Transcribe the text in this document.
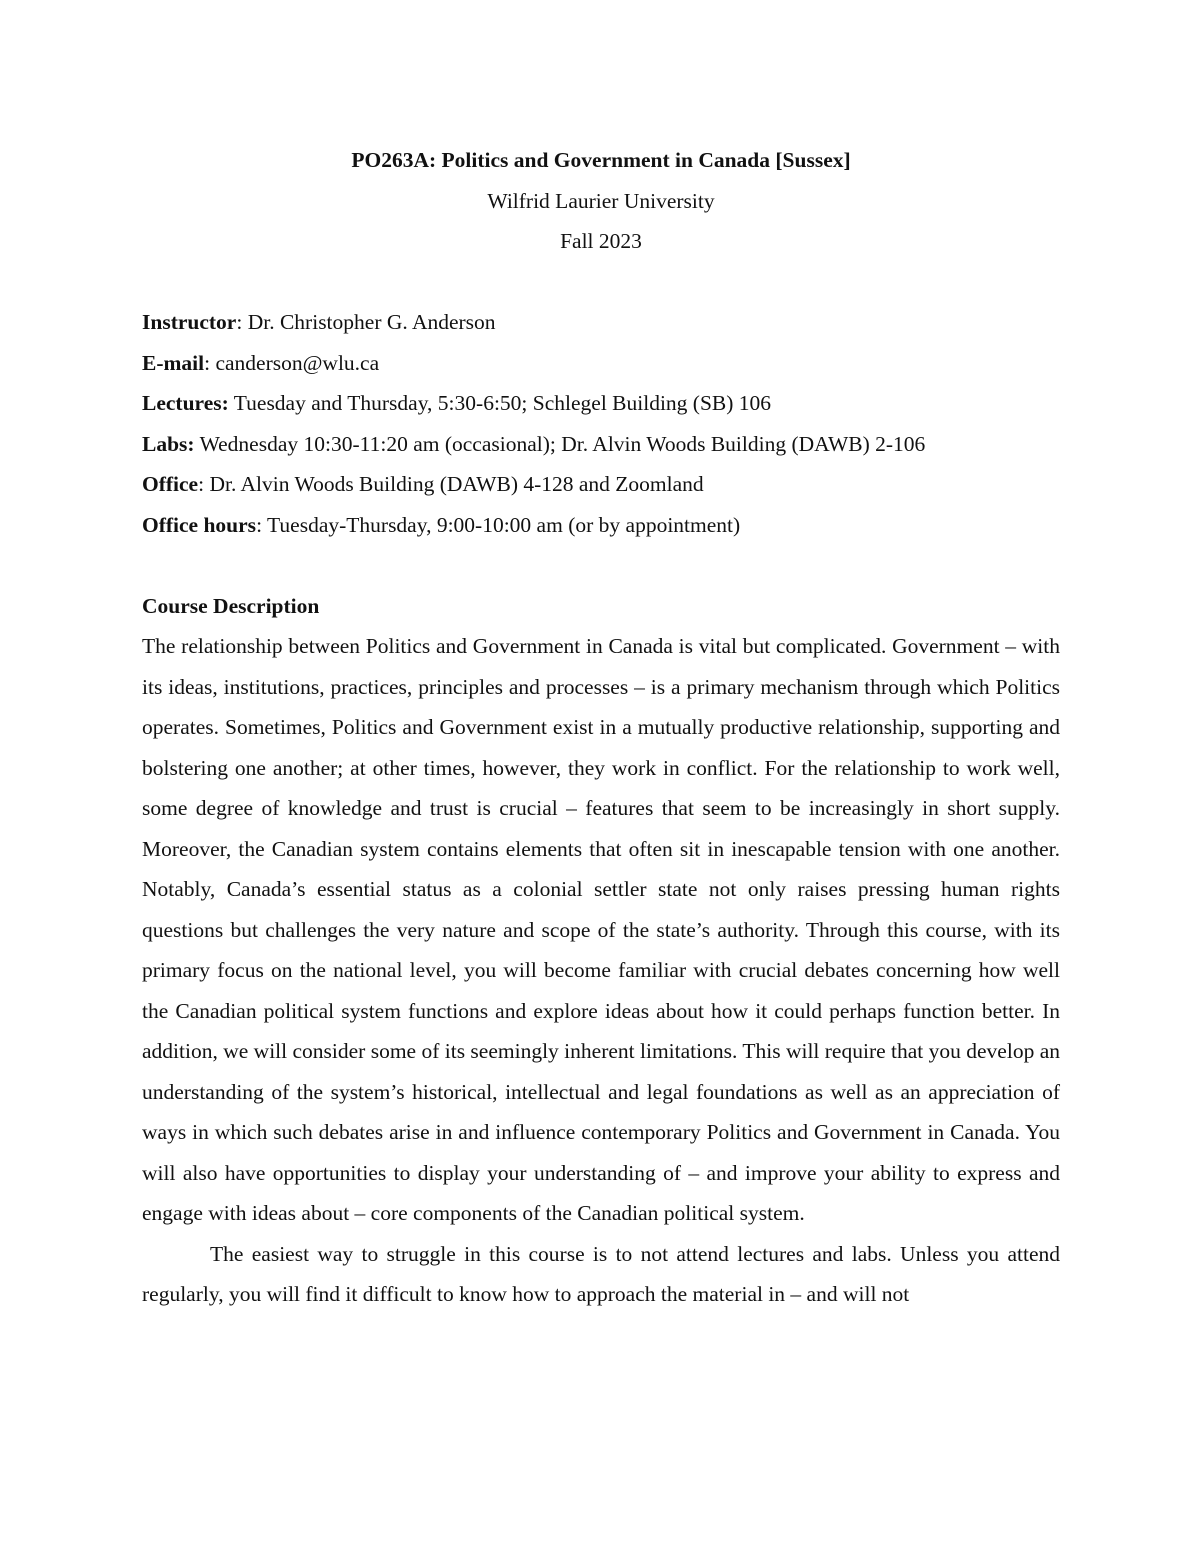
PO263A: Politics and Government in Canada [Sussex]
Wilfrid Laurier University
Fall 2023
Instructor: Dr. Christopher G. Anderson
E-mail: canderson@wlu.ca
Lectures: Tuesday and Thursday, 5:30-6:50; Schlegel Building (SB) 106
Labs: Wednesday 10:30-11:20 am (occasional); Dr. Alvin Woods Building (DAWB) 2-106
Office: Dr. Alvin Woods Building (DAWB) 4-128 and Zoomland
Office hours: Tuesday-Thursday, 9:00-10:00 am (or by appointment)
Course Description

The relationship between Politics and Government in Canada is vital but complicated. Government – with its ideas, institutions, practices, principles and processes – is a primary mechanism through which Politics operates. Sometimes, Politics and Government exist in a mutually productive relationship, supporting and bolstering one another; at other times, however, they work in conflict. For the relationship to work well, some degree of knowledge and trust is crucial – features that seem to be increasingly in short supply. Moreover, the Canadian system contains elements that often sit in inescapable tension with one another. Notably, Canada’s essential status as a colonial settler state not only raises pressing human rights questions but challenges the very nature and scope of the state’s authority. Through this course, with its primary focus on the national level, you will become familiar with crucial debates concerning how well the Canadian political system functions and explore ideas about how it could perhaps function better. In addition, we will consider some of its seemingly inherent limitations. This will require that you develop an understanding of the system’s historical, intellectual and legal foundations as well as an appreciation of ways in which such debates arise in and influence contemporary Politics and Government in Canada. You will also have opportunities to display your understanding of – and improve your ability to express and engage with ideas about – core components of the Canadian political system.

The easiest way to struggle in this course is to not attend lectures and labs. Unless you attend regularly, you will find it difficult to know how to approach the material in – and will not
